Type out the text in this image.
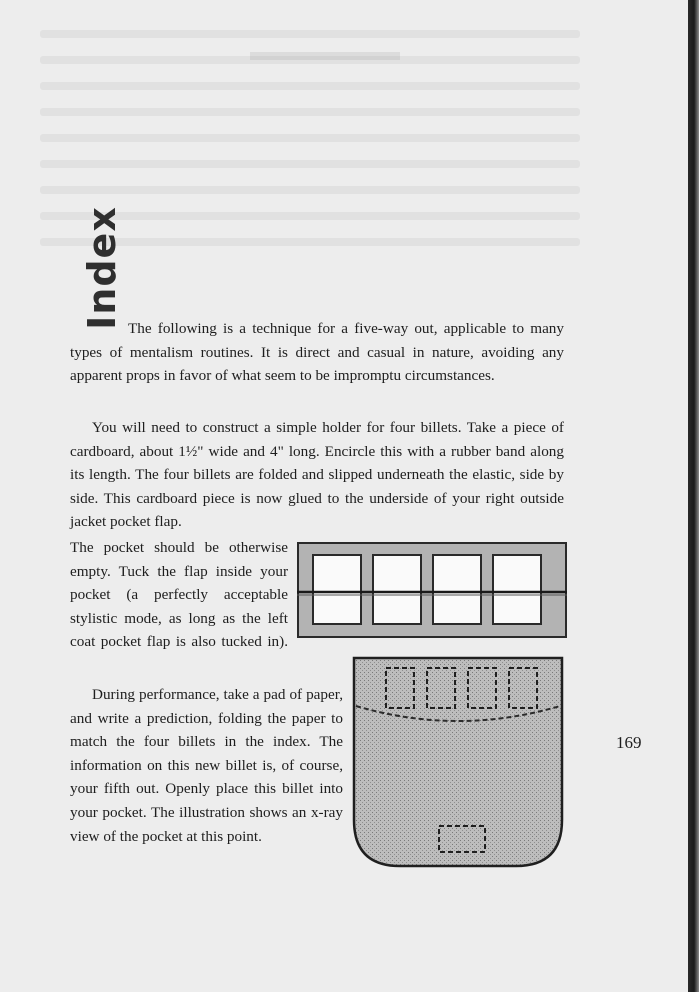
Index The following is a technique for a five-way out, applicable to many types of mentalism routines. It is direct and casual in nature, avoiding any apparent props in favor of what seem to be impromptu circumstances.

You will need to construct a simple holder for four billets. Take a piece of cardboard, about 1½" wide and 4" long. Encircle this with a rubber band along its length. The four billets are folded and slipped underneath the elastic, side by side. This cardboard piece is now glued to the underside of your right outside jacket pocket flap.

The pocket should be otherwise empty. Tuck the flap inside your pocket (a perfectly acceptable stylistic mode, as long as the left coat pocket flap is also tucked in).

During performance, take a pad of paper, and write a prediction, folding the paper to match the four billets in the index. The information on this new billet is, of course, your fifth out. Openly place this billet into your pocket. The illustration shows an x-ray view of the pocket at this point.

169
